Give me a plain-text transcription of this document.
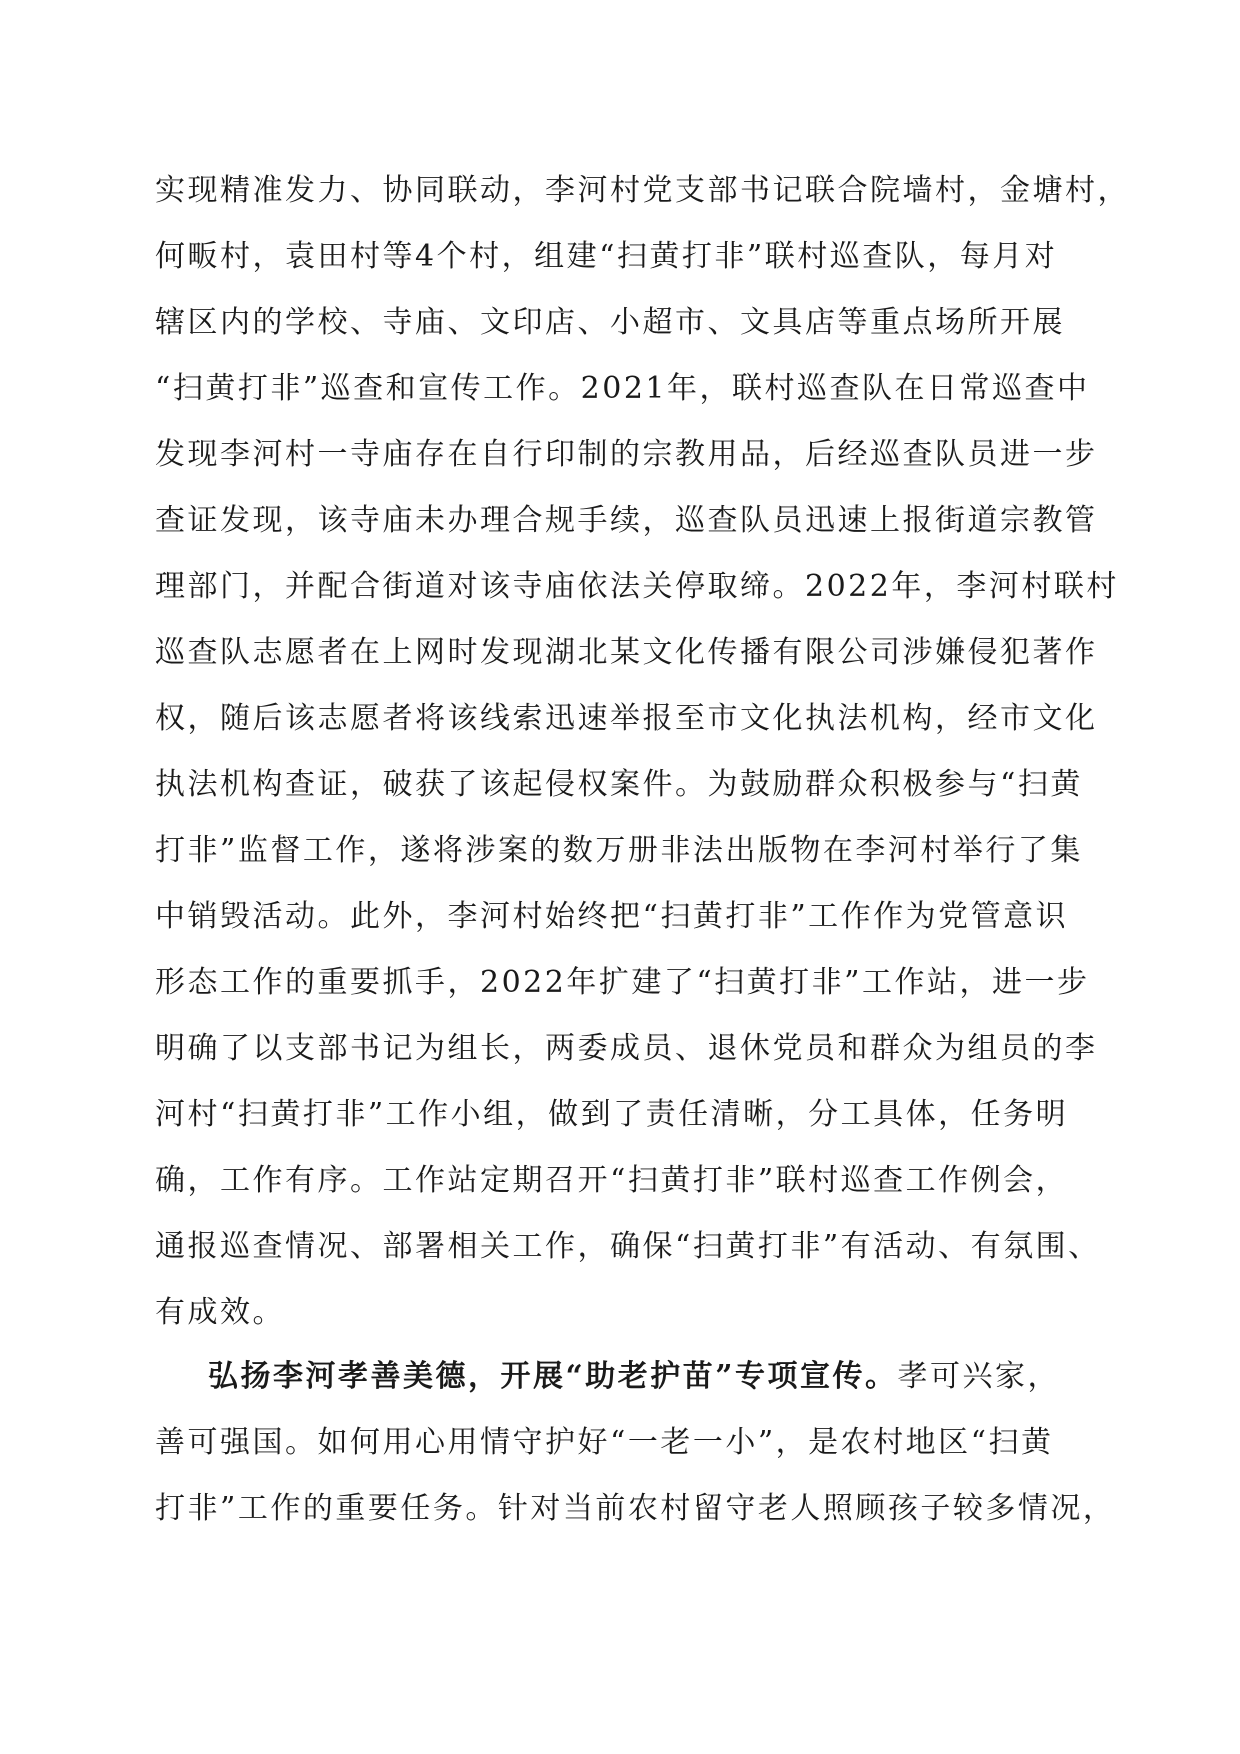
实现精准发力、协同联动，李河村党支部书记联合院墙村，金塘村，
何畈村，袁田村等4个村，组建“扫黄打非”联村巡查队，每月对
辖区内的学校、寺庙、文印店、小超市、文具店等重点场所开展
“扫黄打非”巡查和宣传工作。2021年，联村巡查队在日常巡查中
发现李河村一寺庙存在自行印制的宗教用品，后经巡查队员进一步
查证发现，该寺庙未办理合规手续，巡查队员迅速上报街道宗教管
理部门，并配合街道对该寺庙依法关停取缔。2022年，李河村联村
巡查队志愿者在上网时发现湖北某文化传播有限公司涉嫌侵犯著作
权，随后该志愿者将该线索迅速举报至市文化执法机构，经市文化
执法机构查证，破获了该起侵权案件。为鼓励群众积极参与“扫黄
打非”监督工作，遂将涉案的数万册非法出版物在李河村举行了集
中销毁活动。此外，李河村始终把“扫黄打非”工作作为党管意识
形态工作的重要抓手，2022年扩建了“扫黄打非”工作站，进一步
明确了以支部书记为组长，两委成员、退休党员和群众为组员的李
河村“扫黄打非”工作小组，做到了责任清晰，分工具体，任务明
确，工作有序。工作站定期召开“扫黄打非”联村巡查工作例会，
通报巡查情况、部署相关工作，确保“扫黄打非”有活动、有氛围、
有成效。
弘扬李河孝善美德，开展“助老护苗”专项宣传。孝可兴家，
善可强国。如何用心用情守护好“一老一小”，是农村地区“扫黄
打非”工作的重要任务。针对当前农村留守老人照顾孩子较多情况，
